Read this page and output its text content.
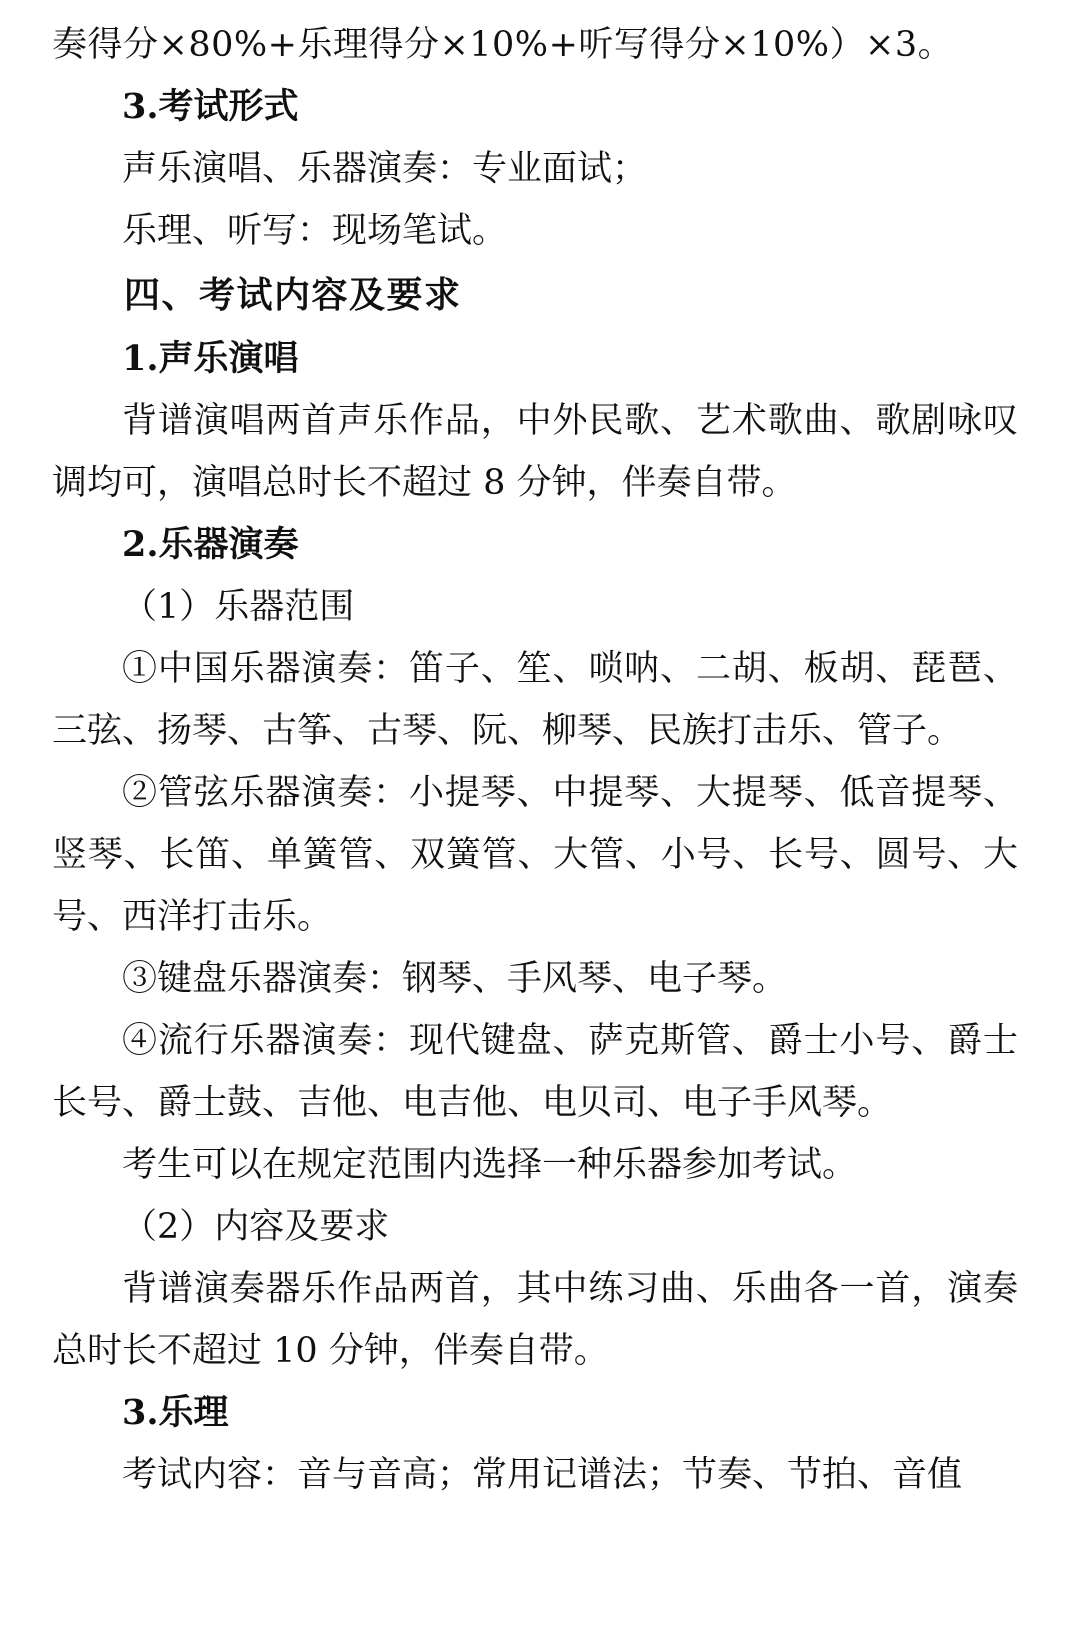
奏得分×80%+乐理得分×10%+听写得分×10%）×3。
3.考试形式
声乐演唱、乐器演奏：专业面试；
乐理、听写：现场笔试。
四、考试内容及要求
1.声乐演唱
背谱演唱两首声乐作品，中外民歌、艺术歌曲、歌剧咏叹调均可，演唱总时长不超过 8 分钟，伴奏自带。
2.乐器演奏
（1）乐器范围
①中国乐器演奏：笛子、笙、唢呐、二胡、板胡、琵琶、三弦、扬琴、古筝、古琴、阮、柳琴、民族打击乐、管子。
②管弦乐器演奏：小提琴、中提琴、大提琴、低音提琴、竖琴、长笛、单簧管、双簧管、大管、小号、长号、圆号、大号、西洋打击乐。
③键盘乐器演奏：钢琴、手风琴、电子琴。
④流行乐器演奏：现代键盘、萨克斯管、爵士小号、爵士长号、爵士鼓、吉他、电吉他、电贝司、电子手风琴。
考生可以在规定范围内选择一种乐器参加考试。
（2）内容及要求
背谱演奏器乐作品两首，其中练习曲、乐曲各一首，演奏总时长不超过 10 分钟，伴奏自带。
3.乐理
考试内容：音与音高；常用记谱法；节奏、节拍、音值
